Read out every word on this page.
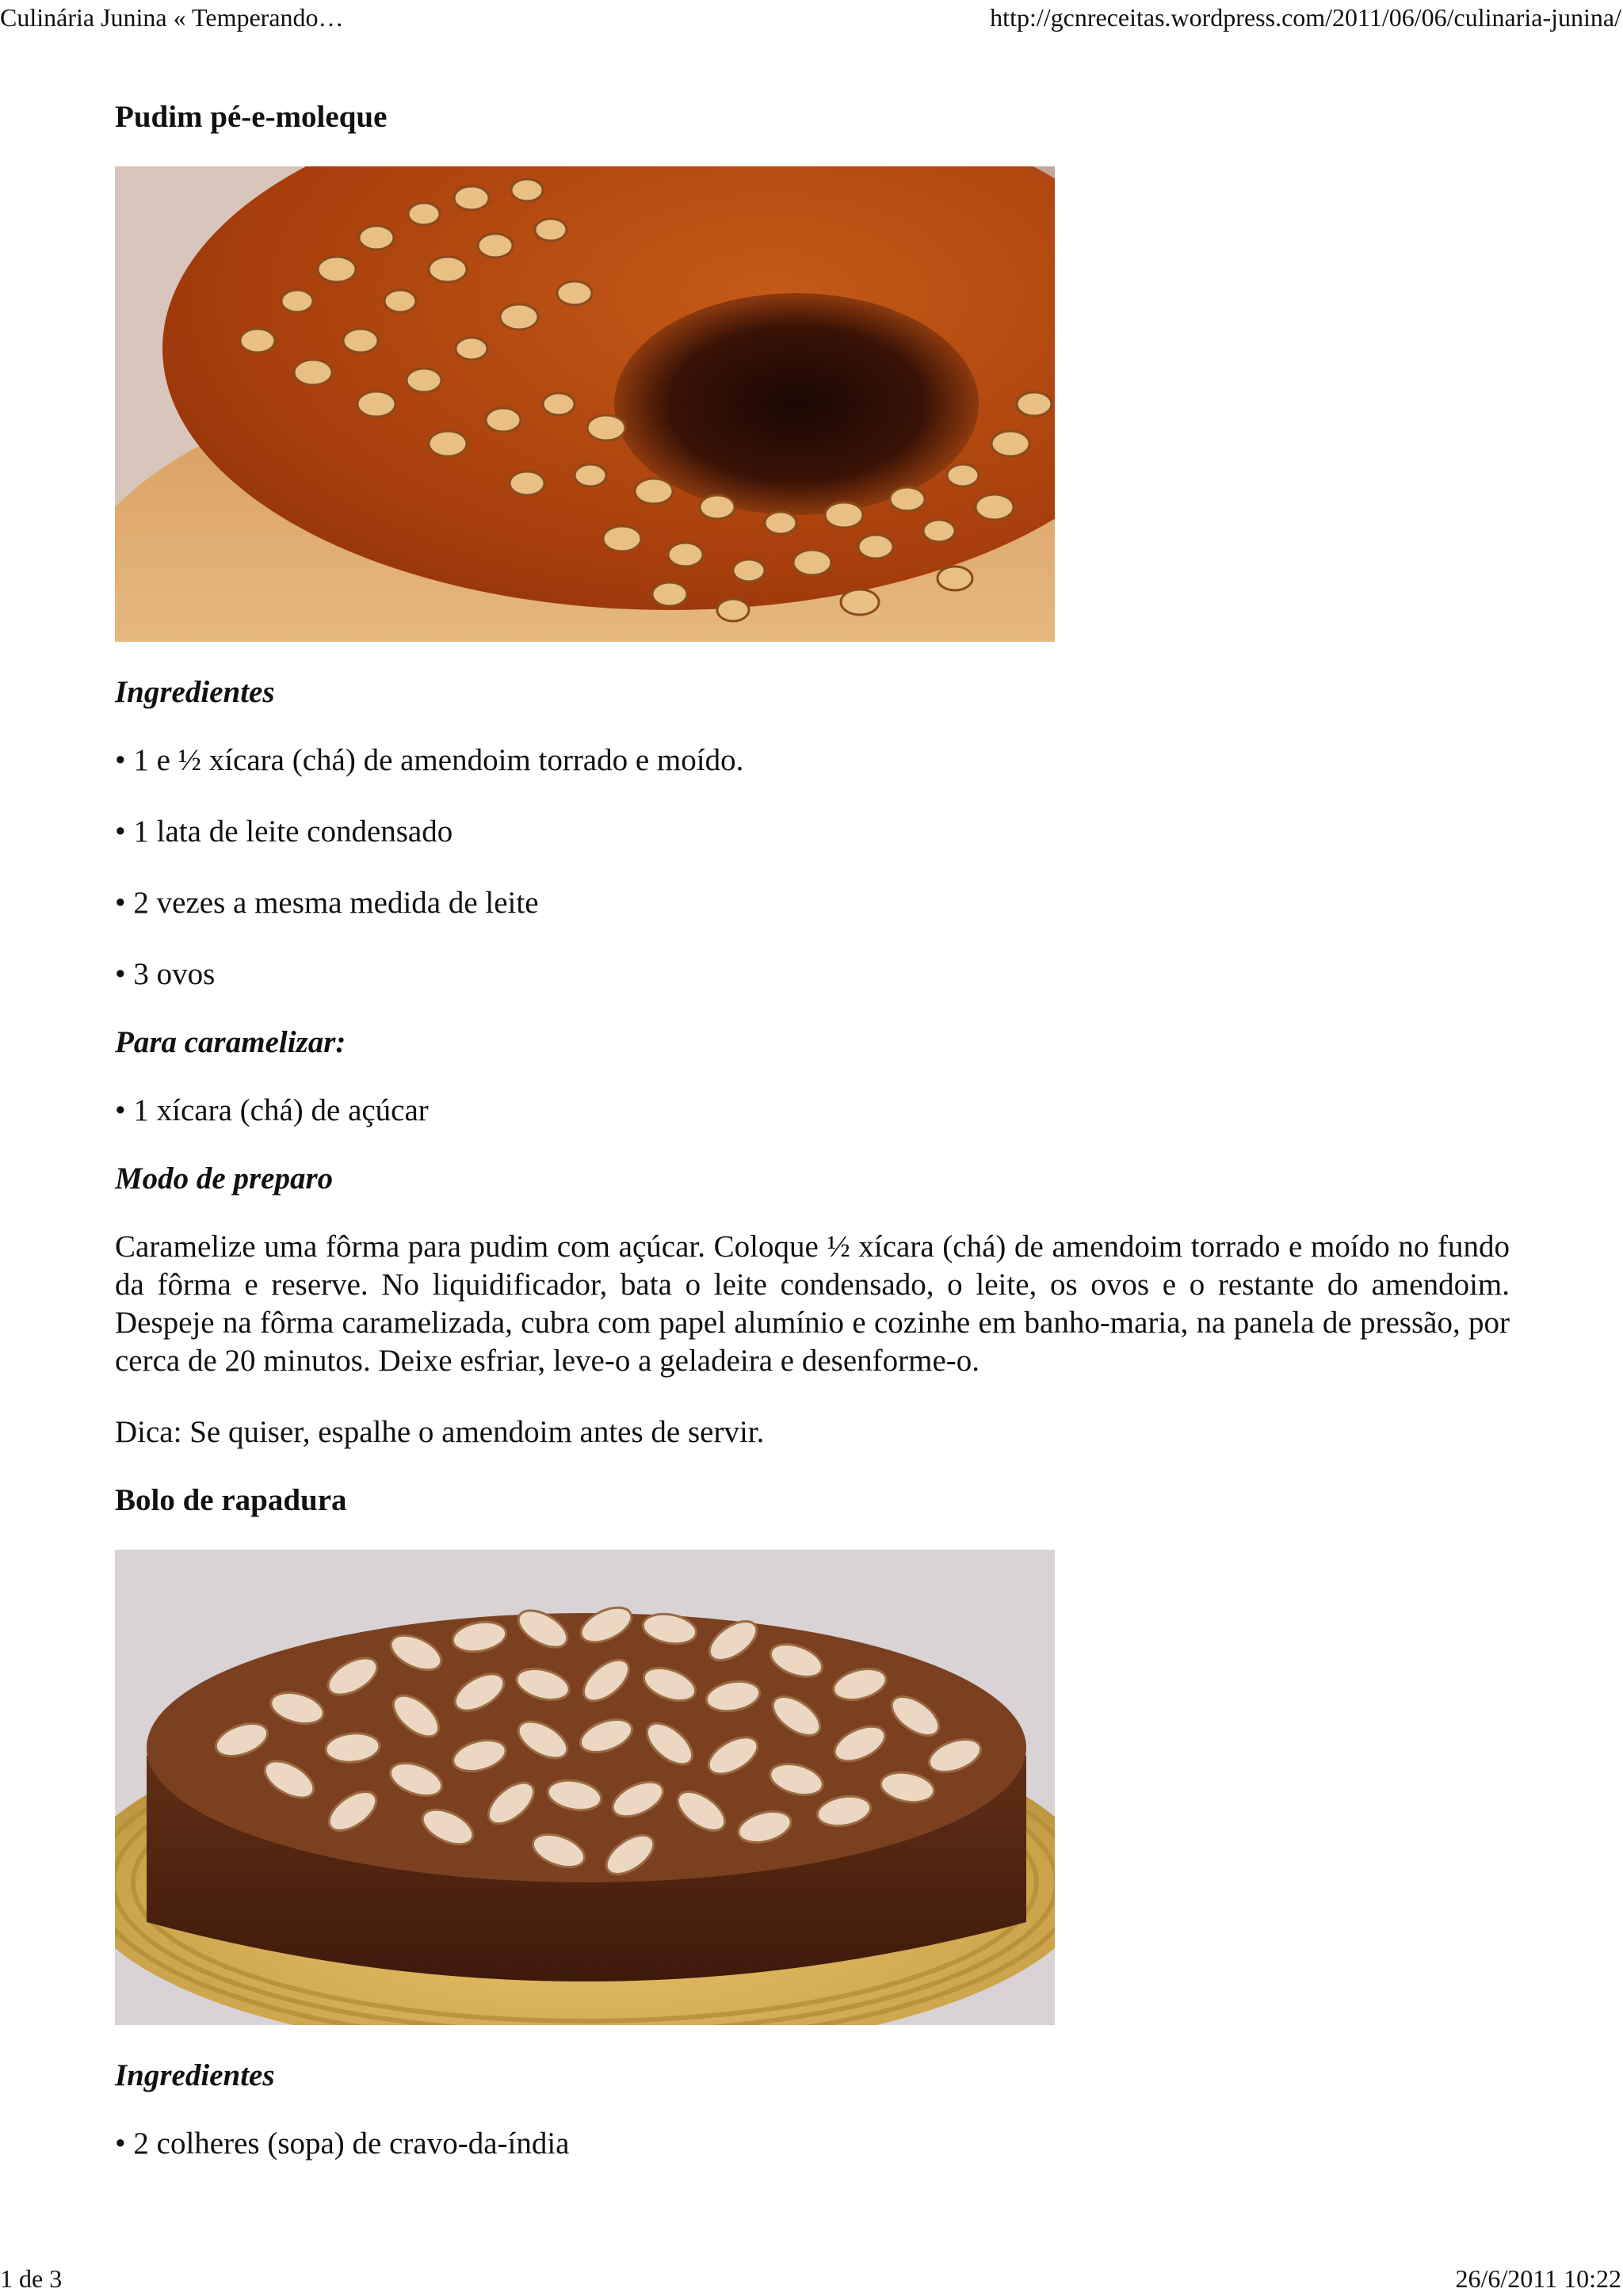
Culinária Junina « Temperando…	http://gcnreceitas.wordpress.com/2011/06/06/culinaria-junina/
Pudim pé-e-moleque
Ingredientes

• 1 e ½ xícara (chá) de amendoim torrado e moído.

• 1 lata de leite condensado

• 2 vezes a mesma medida de leite

• 3 ovos

Para caramelizar:

• 1 xícara (chá) de açúcar

Modo de preparo

Caramelize uma fôrma para pudim com açúcar. Coloque ½ xícara (chá) de amendoim torrado e moído no fundo da fôrma e reserve. No liquidificador, bata o leite condensado, o leite, os ovos e o restante do amendoim. Despeje na fôrma caramelizada, cubra com papel alumínio e cozinhe em banho-maria, na panela de pressão, por cerca de 20 minutos. Deixe esfriar, leve-o a geladeira e desenforme-o.

Dica: Se quiser, espalhe o amendoim antes de servir.

Bolo de rapadura
Ingredientes

• 2 colheres (sopa) de cravo-da-índia

1 de 3	26/6/2011 10:22
